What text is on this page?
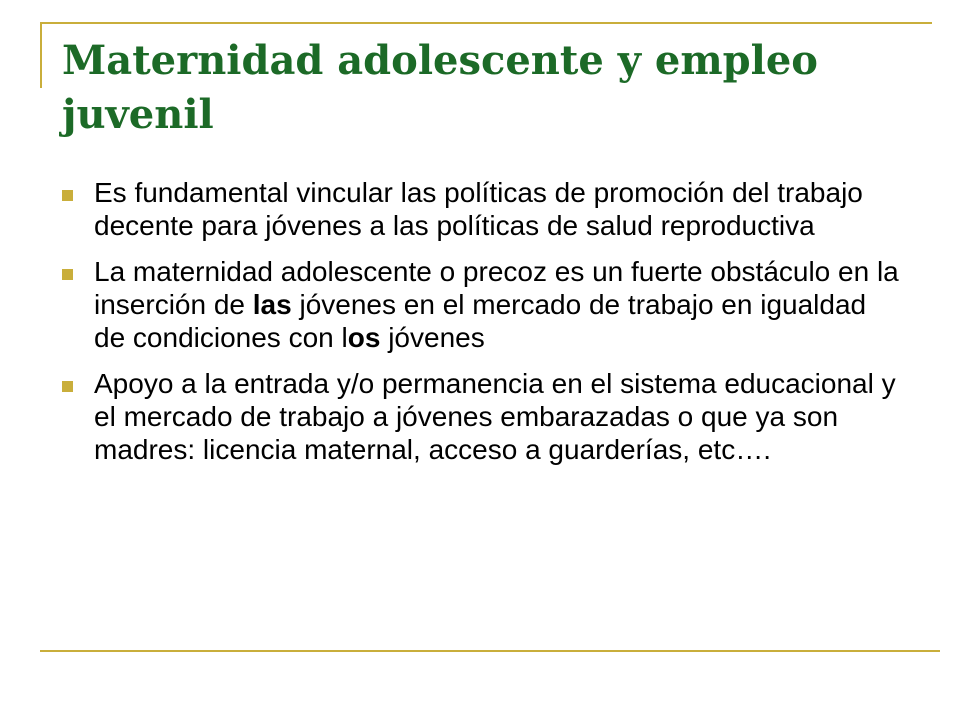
Maternidad adolescente y empleo juvenil
Es fundamental vincular las políticas de promoción del trabajo decente para jóvenes a las políticas de salud reproductiva
La maternidad adolescente o precoz es un fuerte obstáculo en la inserción de las jóvenes en el mercado de trabajo en igualdad de condiciones con los jóvenes
Apoyo a la entrada y/o permanencia en el sistema educacional y el mercado de trabajo a jóvenes embarazadas o que ya son madres: licencia maternal, acceso a guarderías, etc….
